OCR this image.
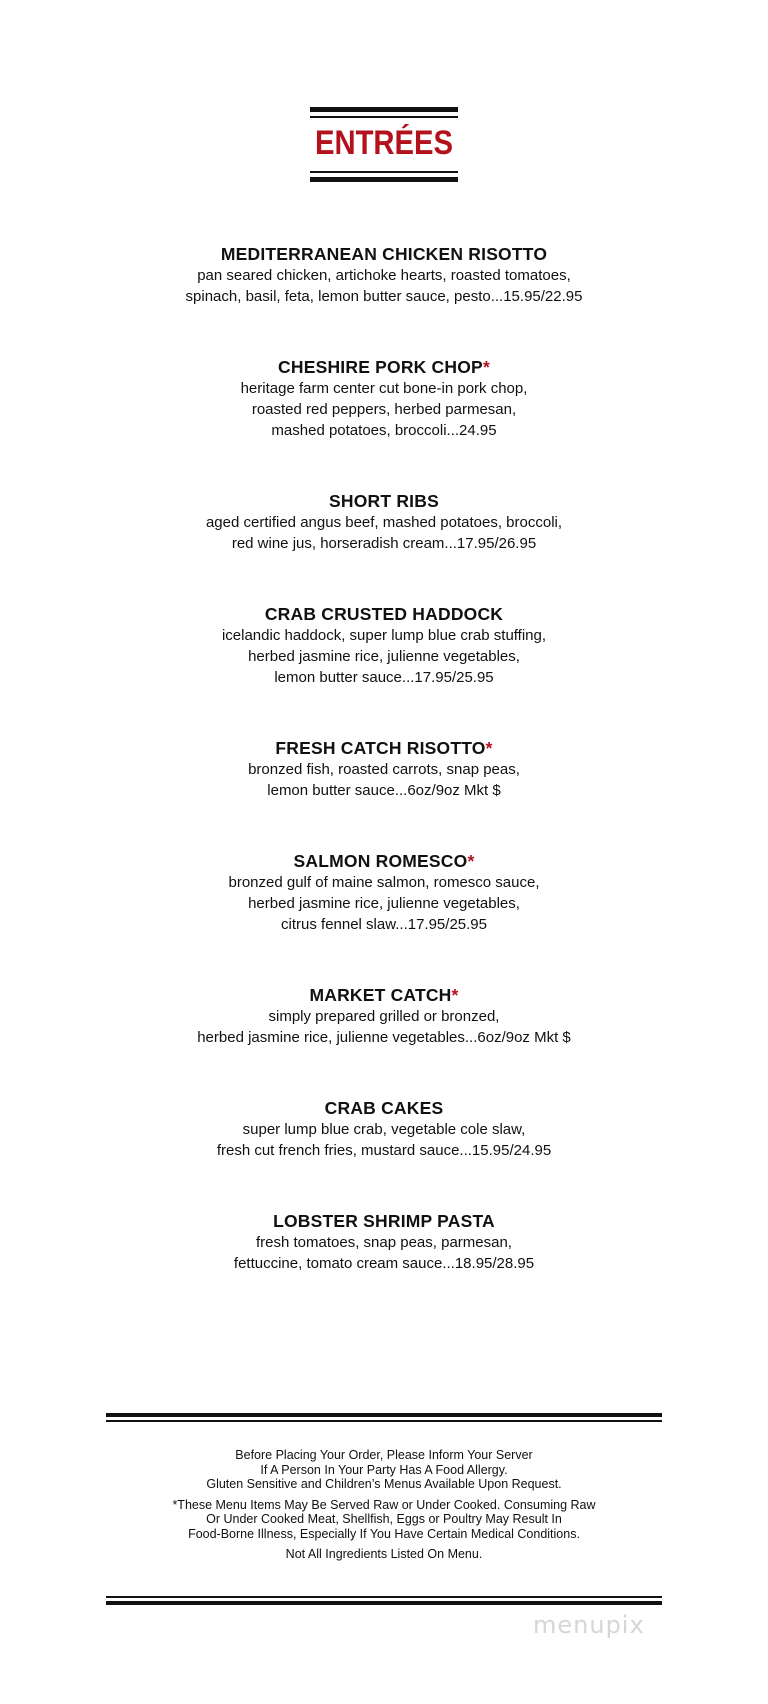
ENTRÉES
MEDITERRANEAN CHICKEN RISOTTO
pan seared chicken, artichoke hearts, roasted tomatoes,
spinach, basil, feta, lemon butter sauce, pesto...15.95/22.95
CHESHIRE PORK CHOP*
heritage farm center cut bone-in pork chop,
roasted red peppers, herbed parmesan,
mashed potatoes, broccoli...24.95
SHORT RIBS
aged certified angus beef, mashed potatoes, broccoli,
red wine jus, horseradish cream...17.95/26.95
CRAB CRUSTED HADDOCK
icelandic haddock, super lump blue crab stuffing,
herbed jasmine rice, julienne vegetables,
lemon butter sauce...17.95/25.95
FRESH CATCH RISOTTO*
bronzed fish, roasted carrots, snap peas,
lemon butter sauce...6oz/9oz Mkt $
SALMON ROMESCO*
bronzed gulf of maine salmon, romesco sauce,
herbed jasmine rice, julienne vegetables,
citrus fennel slaw...17.95/25.95
MARKET CATCH*
simply prepared grilled or bronzed,
herbed jasmine rice, julienne vegetables...6oz/9oz Mkt $
CRAB CAKES
super lump blue crab, vegetable cole slaw,
fresh cut french fries, mustard sauce...15.95/24.95
LOBSTER SHRIMP PASTA
fresh tomatoes, snap peas, parmesan,
fettuccine, tomato cream sauce...18.95/28.95

Before Placing Your Order, Please Inform Your Server
If A Person In Your Party Has A Food Allergy.
Gluten Sensitive and Children’s Menus Available Upon Request.

*These Menu Items May Be Served Raw or Under Cooked. Consuming Raw
Or Under Cooked Meat, Shellfish, Eggs or Poultry May Result In
Food-Borne Illness, Especially If You Have Certain Medical Conditions.

Not All Ingredients Listed On Menu.

menupix
